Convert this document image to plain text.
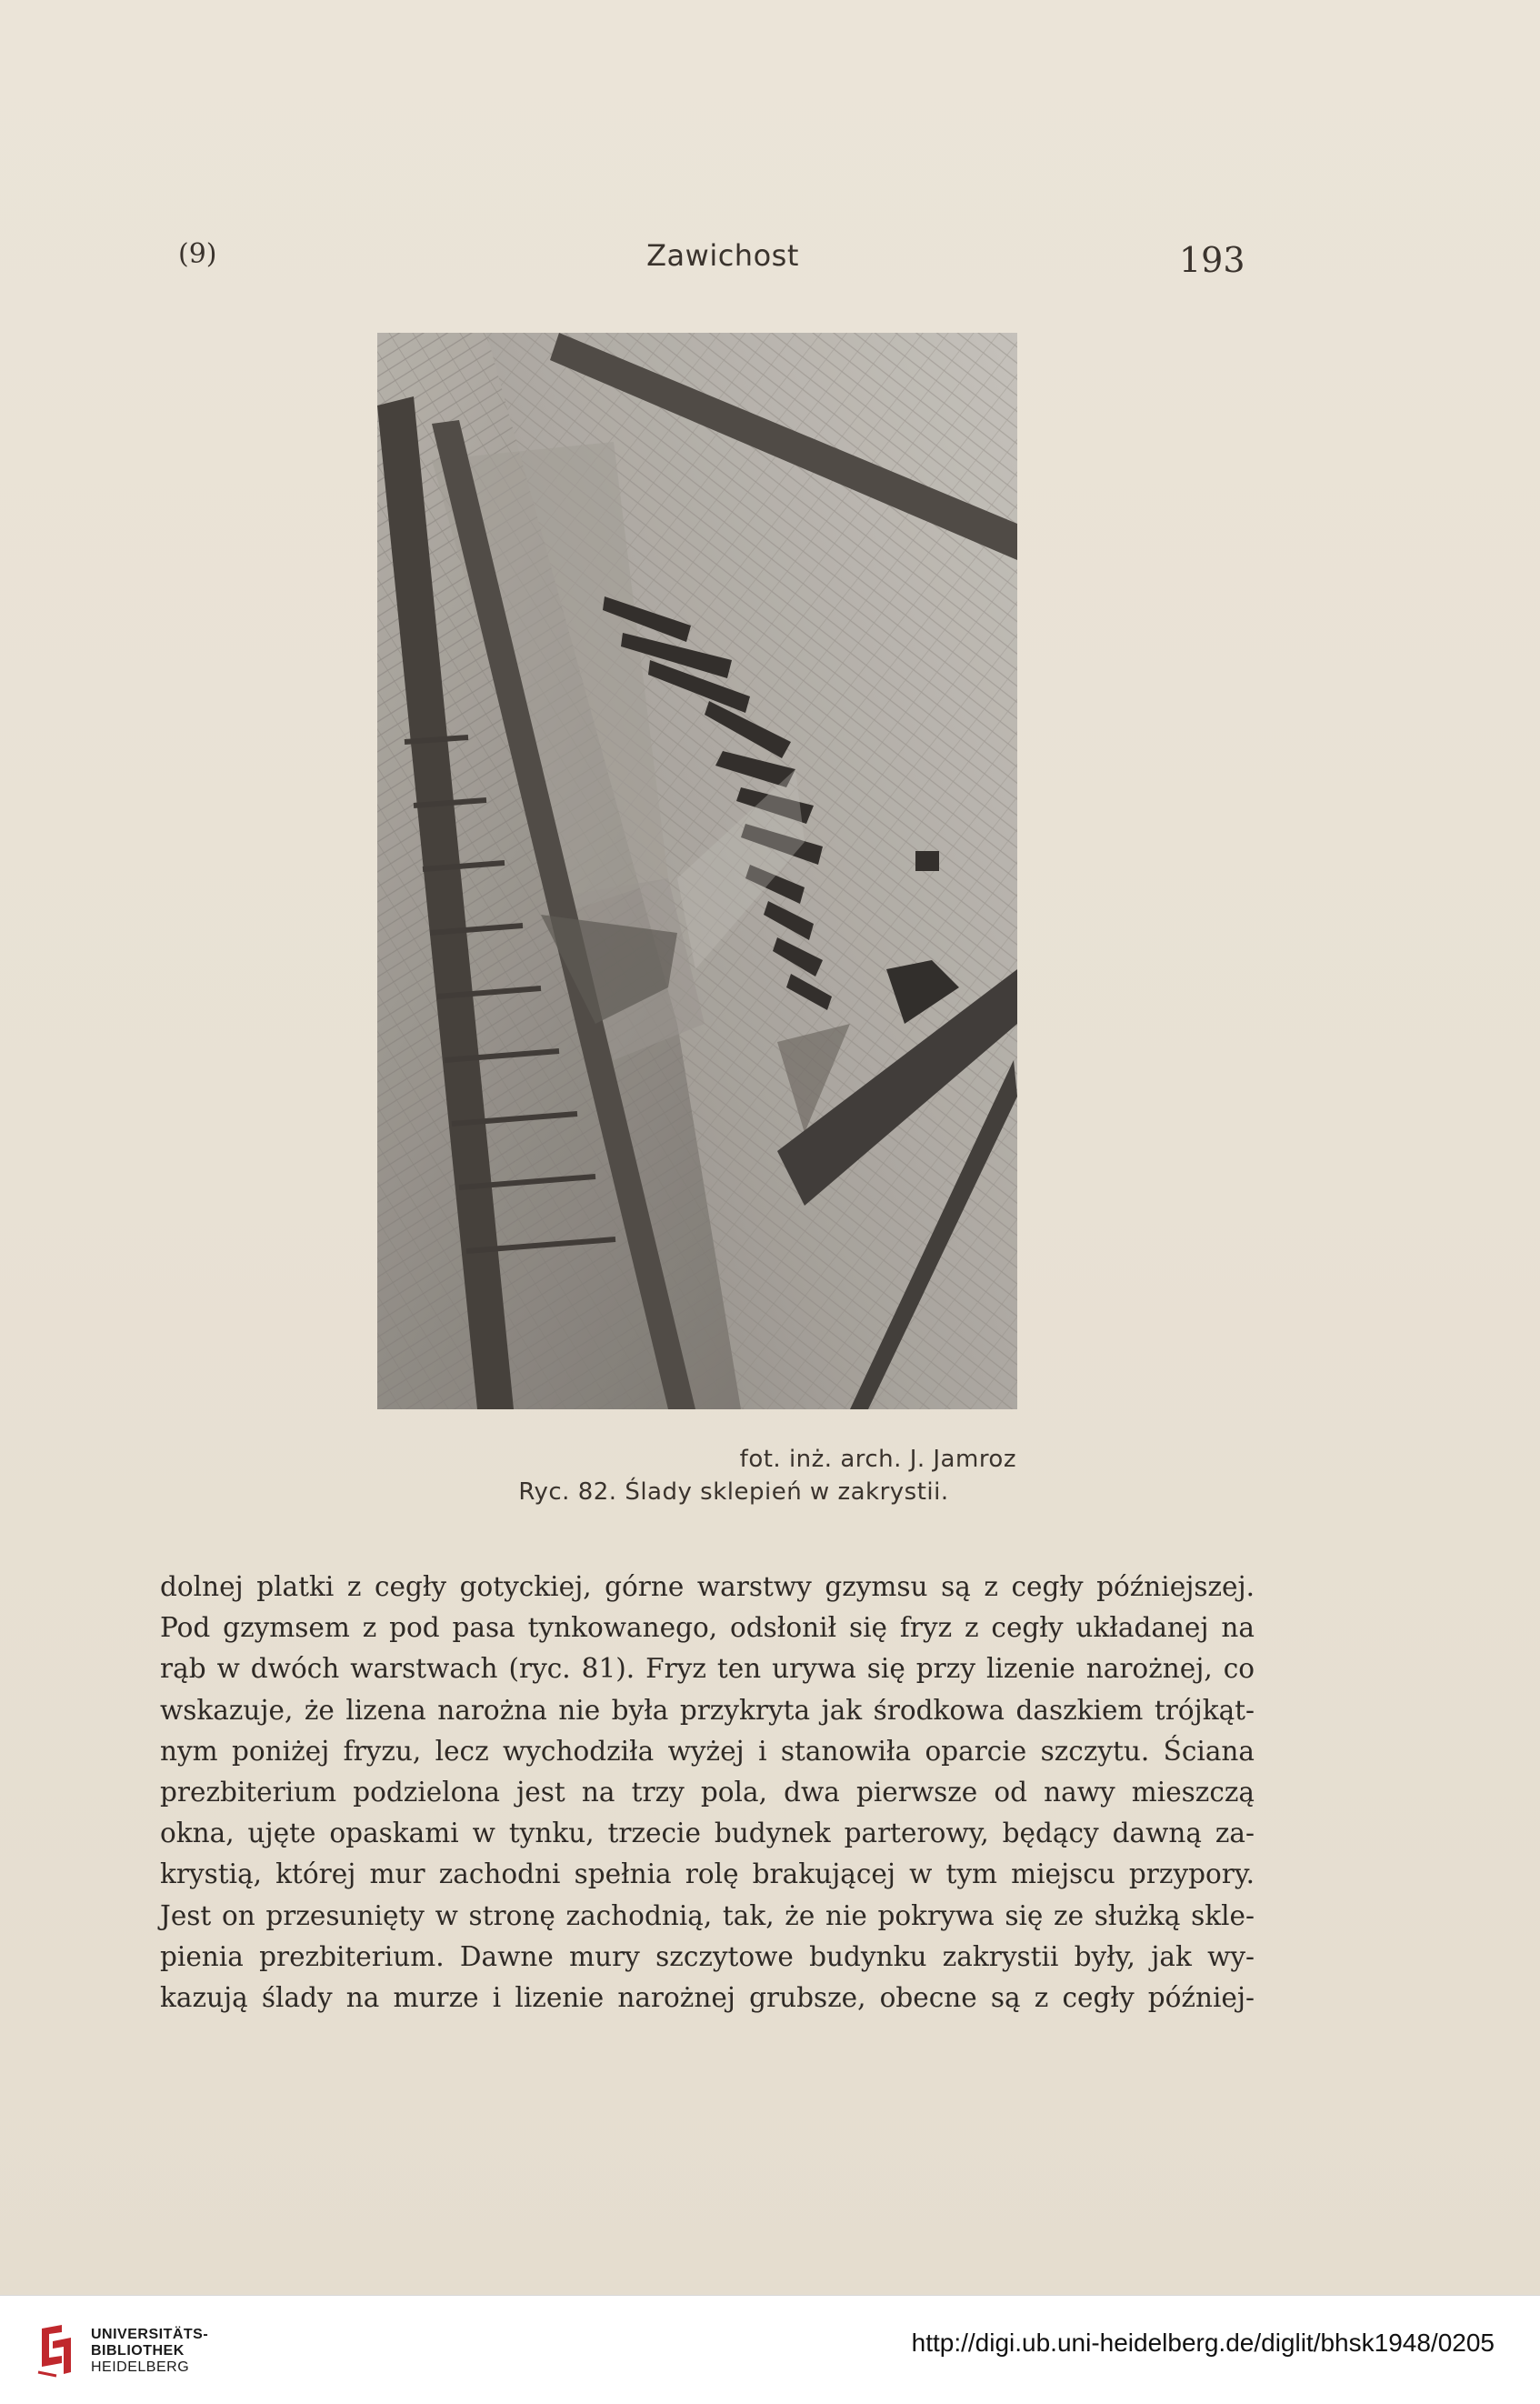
(9)	Zawichost	193
fot. inż. arch. J. Jamroz
Ryc. 82. Ślady sklepień w zakrystii.
dolnej platki z cegły gotyckiej, górne warstwy gzymsu są z cegły późniejszej.
Pod gzymsem z pod pasa tynkowanego, odsłonił się fryz z cegły układanej na
rąb w dwóch warstwach (ryc. 81). Fryz ten urywa się przy lizenie narożnej, co
wskazuje, że lizena narożna nie była przykryta jak środkowa daszkiem trójkąt-
nym poniżej fryzu, lecz wychodziła wyżej i stanowiła oparcie szczytu. Ściana
prezbiterium podzielona jest na trzy pola, dwa pierwsze od nawy mieszczą
okna, ujęte opaskami w tynku, trzecie budynek parterowy, będący dawną za-
krystią, której mur zachodni spełnia rolę brakującej w tym miejscu przypory.
Jest on przesunięty w stronę zachodnią, tak, że nie pokrywa się ze służką skle-
pienia prezbiterium. Dawne mury szczytowe budynku zakrystii były, jak wy-
kazują ślady na murze i lizenie narożnej grubsze, obecne są z cegły później-
UNIVERSITÄTS-
BIBLIOTHEK
HEIDELBERG
http://digi.ub.uni-heidelberg.de/diglit/bhsk1948/0205
